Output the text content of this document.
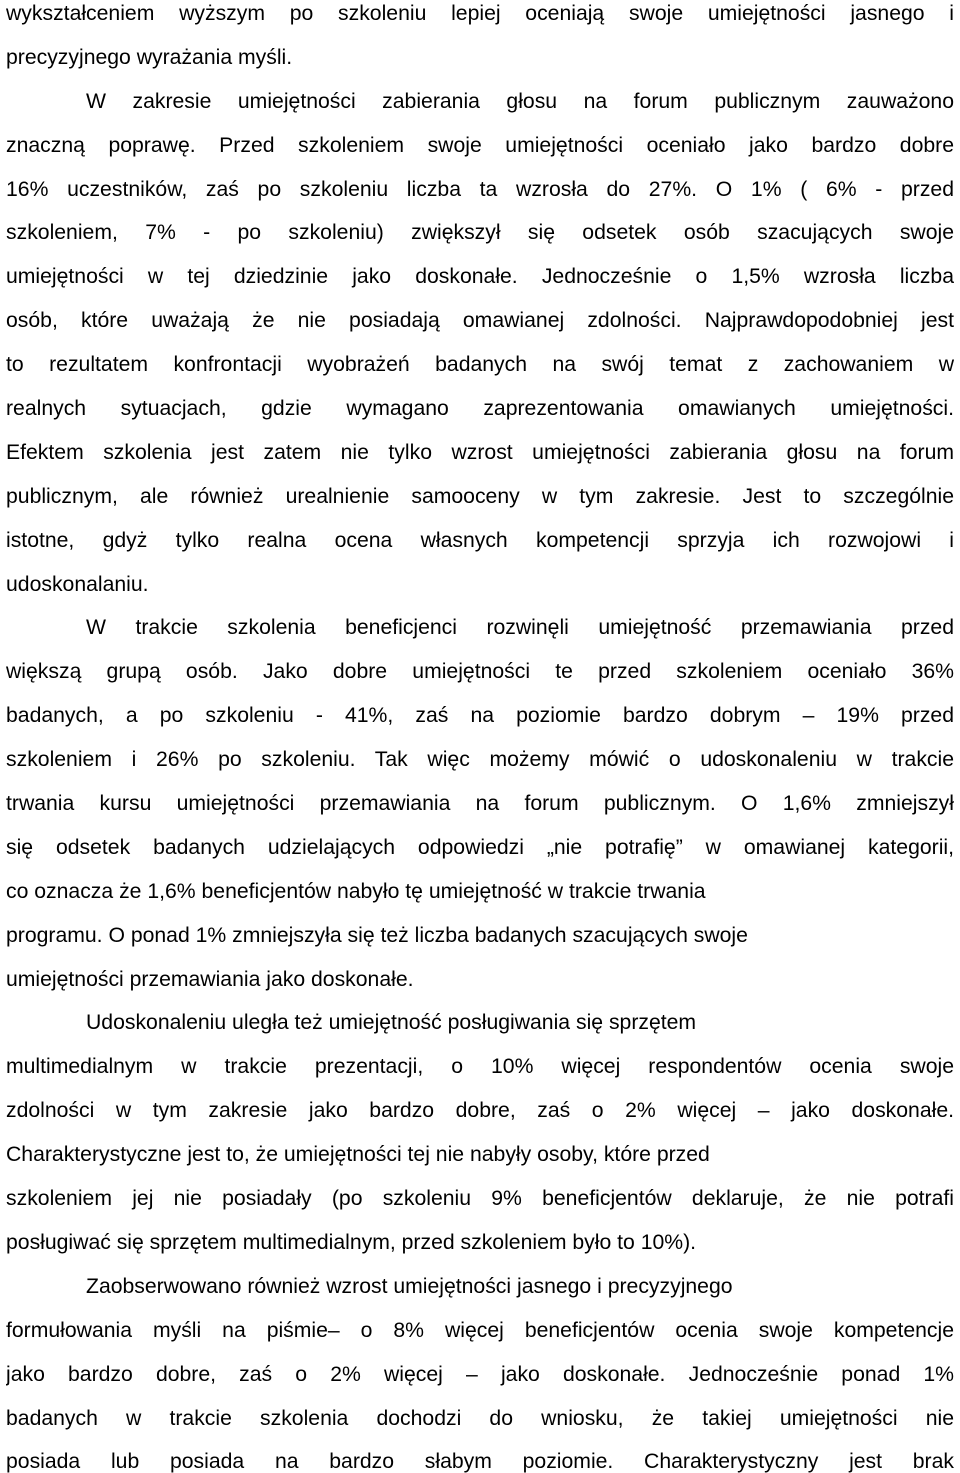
wykształceniem wyższym po szkoleniu lepiej oceniają swoje umiejętności jasnego i
precyzyjnego wyrażania myśli.
W zakresie umiejętności zabierania głosu na forum publicznym zauważono
znaczną poprawę. Przed szkoleniem swoje umiejętności oceniało jako bardzo dobre
16% uczestników, zaś po szkoleniu liczba ta wzrosła do 27%. O 1% ( 6% - przed
szkoleniem, 7% - po szkoleniu) zwiększył się odsetek osób szacujących swoje
umiejętności w tej dziedzinie jako doskonałe. Jednocześnie o 1,5% wzrosła liczba
osób, które uważają że nie posiadają omawianej zdolności. Najprawdopodobniej jest
to rezultatem konfrontacji wyobrażeń badanych na swój temat z zachowaniem w
realnych sytuacjach, gdzie wymagano zaprezentowania omawianych umiejętności.
Efektem szkolenia jest zatem nie tylko wzrost umiejętności zabierania głosu na forum
publicznym, ale również urealnienie samooceny w tym zakresie. Jest to szczególnie
istotne, gdyż tylko realna ocena własnych kompetencji sprzyja ich rozwojowi i
udoskonalaniu.
W trakcie szkolenia beneficjenci rozwinęli umiejętność przemawiania przed
większą grupą osób. Jako dobre umiejętności te przed szkoleniem oceniało 36%
badanych, a po szkoleniu - 41%, zaś na poziomie bardzo dobrym – 19% przed
szkoleniem i 26% po szkoleniu. Tak więc możemy mówić o udoskonaleniu w trakcie
trwania kursu umiejętności przemawiania na forum publicznym. O 1,6% zmniejszył
się odsetek badanych udzielających odpowiedzi „nie potrafię” w omawianej kategorii,
co oznacza że 1,6% beneficjentów nabyło tę umiejętność w trakcie trwania
programu. O ponad 1% zmniejszyła się też liczba badanych szacujących swoje
umiejętności przemawiania jako doskonałe.
Udoskonaleniu uległa też umiejętność posługiwania się sprzętem
multimedialnym w trakcie prezentacji, o 10% więcej respondentów ocenia swoje
zdolności w tym zakresie jako bardzo dobre, zaś o 2% więcej – jako doskonałe.
Charakterystyczne jest to, że umiejętności tej nie nabyły osoby, które przed
szkoleniem jej nie posiadały (po szkoleniu 9% beneficjentów deklaruje, że nie potrafi
posługiwać się sprzętem multimedialnym, przed szkoleniem było to 10%).
Zaobserwowano również wzrost umiejętności jasnego i precyzyjnego
formułowania myśli na piśmie– o 8% więcej beneficjentów ocenia swoje kompetencje
jako bardzo dobre, zaś o 2% więcej – jako doskonałe. Jednocześnie ponad 1%
badanych w trakcie szkolenia dochodzi do wniosku, że takiej umiejętności nie
posiada lub posiada na bardzo słabym poziomie. Charakterystyczny jest brak
